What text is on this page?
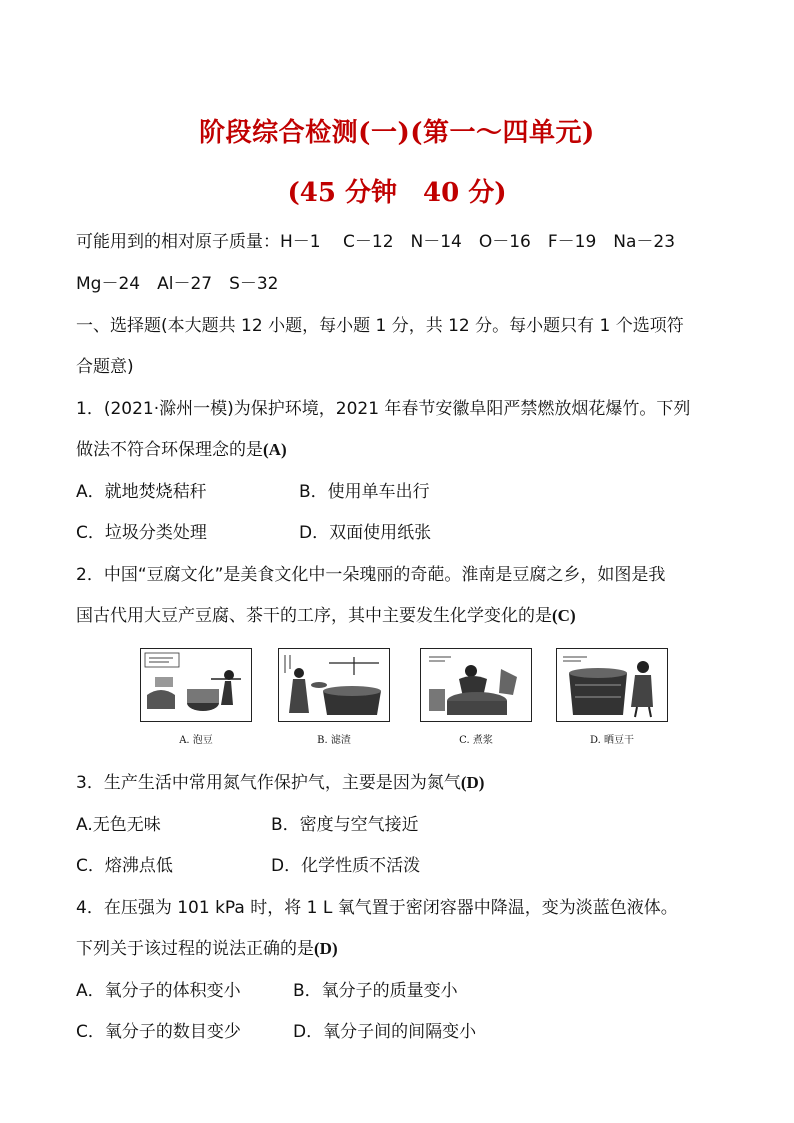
阶段综合检测(一)(第一～四单元)
(45 分钟　40 分)
可能用到的相对原子质量：H－1　 C－12　N－14　O－16　F－19　Na－23
Mg－24　Al－27　S－32
一、选择题(本大题共 12 小题，每小题 1 分，共 12 分。每小题只有 1 个选项符
合题意)
1．(2021·滁州一模)为保护环境，2021 年春节安徽阜阳严禁燃放烟花爆竹。下列
做法不符合环保理念的是(A)
A．就地焚烧秸秆	B．使用单车出行
C．垃圾分类处理	D．双面使用纸张
2．中国“豆腐文化”是美食文化中一朵瑰丽的奇葩。淮南是豆腐之乡，如图是我
国古代用大豆产豆腐、茶干的工序，其中主要发生化学变化的是(C)
A. 泡豆	B. 滤渣	C. 煮浆	D. 晒豆干
3．生产生活中常用氮气作保护气，主要是因为氮气(D)
A.无色无味	B．密度与空气接近
C．熔沸点低	D．化学性质不活泼
4．在压强为 101 kPa 时，将 1 L 氧气置于密闭容器中降温，变为淡蓝色液体。
下列关于该过程的说法正确的是(D)
A．氧分子的体积变小	B．氧分子的质量变小
C．氧分子的数目变少	D．氧分子间的间隔变小
